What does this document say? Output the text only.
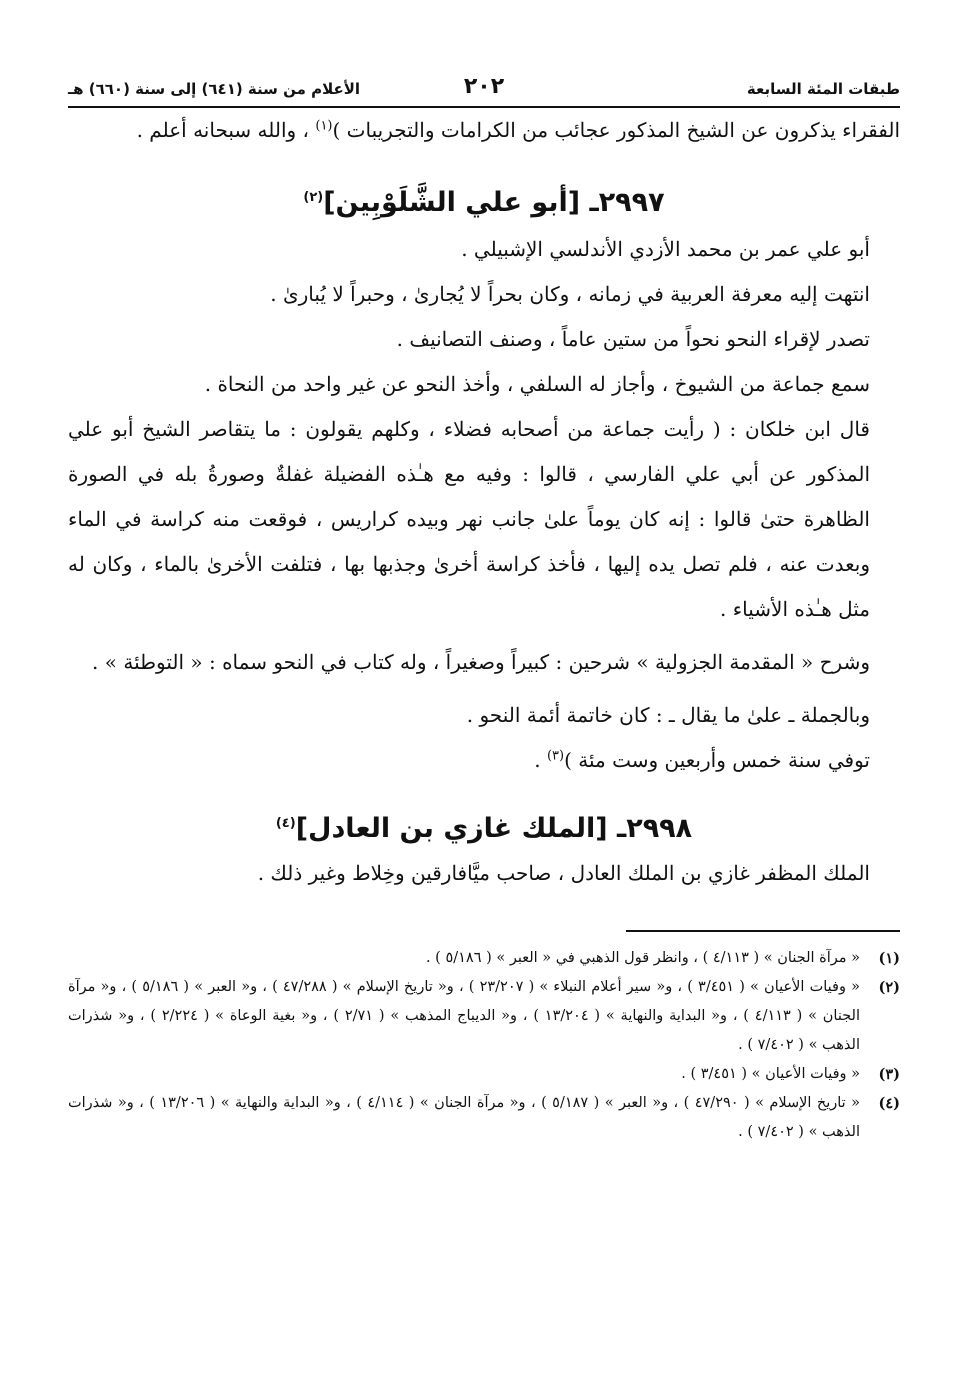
طبقات المئة السابعة
٢٠٢
الأعلام من سنة (٦٤١) إلى سنة (٦٦٠) هـ

الفقراء يذكرون عن الشيخ المذكور عجائب من الكرامات والتجريبات )$^{(١)}$ ، والله سبحانه أعلم .

٢٩٩٧ـ [أبو علي الشَّلَوْبِين]$^{(٢)}$

أبو علي عمر بن محمد الأزدي الأندلسي الإشبيلي .

انتهت إليه معرفة العربية في زمانه ، وكان بحراً لا يُجارىٰ ، وحبراً لا يُبارىٰ .

تصدر لإقراء النحو نحواً من ستين عاماً ، وصنف التصانيف .

سمع جماعة من الشيوخ ، وأجاز له السلفي ، وأخذ النحو عن غير واحد من النحاة .

قال ابن خلكان : ( رأيت جماعة من أصحابه فضلاء ، وكلهم يقولون : ما يتقاصر الشيخ أبو علي المذكور عن أبي علي الفارسي ، قالوا : وفيه مع هـٰذه الفضيلة غفلةٌ وصورةُ بله في الصورة الظاهرة حتىٰ قالوا : إنه كان يوماً علىٰ جانب نهر وبيده كراريس ، فوقعت منه كراسة في الماء وبعدت عنه ، فلم تصل يده إليها ، فأخذ كراسة أخرىٰ وجذبها بها ، فتلفت الأخرىٰ بالماء ، وكان له مثل هـٰذه الأشياء .

وشرح « المقدمة الجزولية » شرحين : كبيراً وصغيراً ، وله كتاب في النحو سماه : « التوطئة » .

وبالجملة ـ علىٰ ما يقال ـ : كان خاتمة أئمة النحو .

توفي سنة خمس وأربعين وست مئة )$^{(٣)}$ .

٢٩٩٨ـ [الملك غازي بن العادل]$^{(٤)}$

الملك المظفر غازي بن الملك العادل ، صاحب ميَّافارقين وخِلاط وغير ذلك .

(١)
« مرآة الجنان » ( ٤/١١٣ ) ، وانظر قول الذهبي في « العبر » ( ٥/١٨٦ ) .
(٢)
« وفيات الأعيان » ( ٣/٤٥١ ) ، و« سير أعلام النبلاء » ( ٢٣/٢٠٧ ) ، و« تاريخ الإسلام » ( ٤٧/٢٨٨ ) ، و« العبر » ( ٥/١٨٦ ) ، و« مرآة الجنان » ( ٤/١١٣ ) ، و« البداية والنهاية » ( ١٣/٢٠٤ ) ، و« الديباج المذهب » ( ٢/٧١ ) ، و« بغية الوعاة » ( ٢/٢٢٤ ) ، و« شذرات الذهب » ( ٧/٤٠٢ ) .
(٣)
« وفيات الأعيان » ( ٣/٤٥١ ) .
(٤)
« تاريخ الإسلام » ( ٤٧/٢٩٠ ) ، و« العبر » ( ٥/١٨٧ ) ، و« مرآة الجنان » ( ٤/١١٤ ) ، و« البداية والنهاية » ( ١٣/٢٠٦ ) ، و« شذرات الذهب » ( ٧/٤٠٢ ) .
